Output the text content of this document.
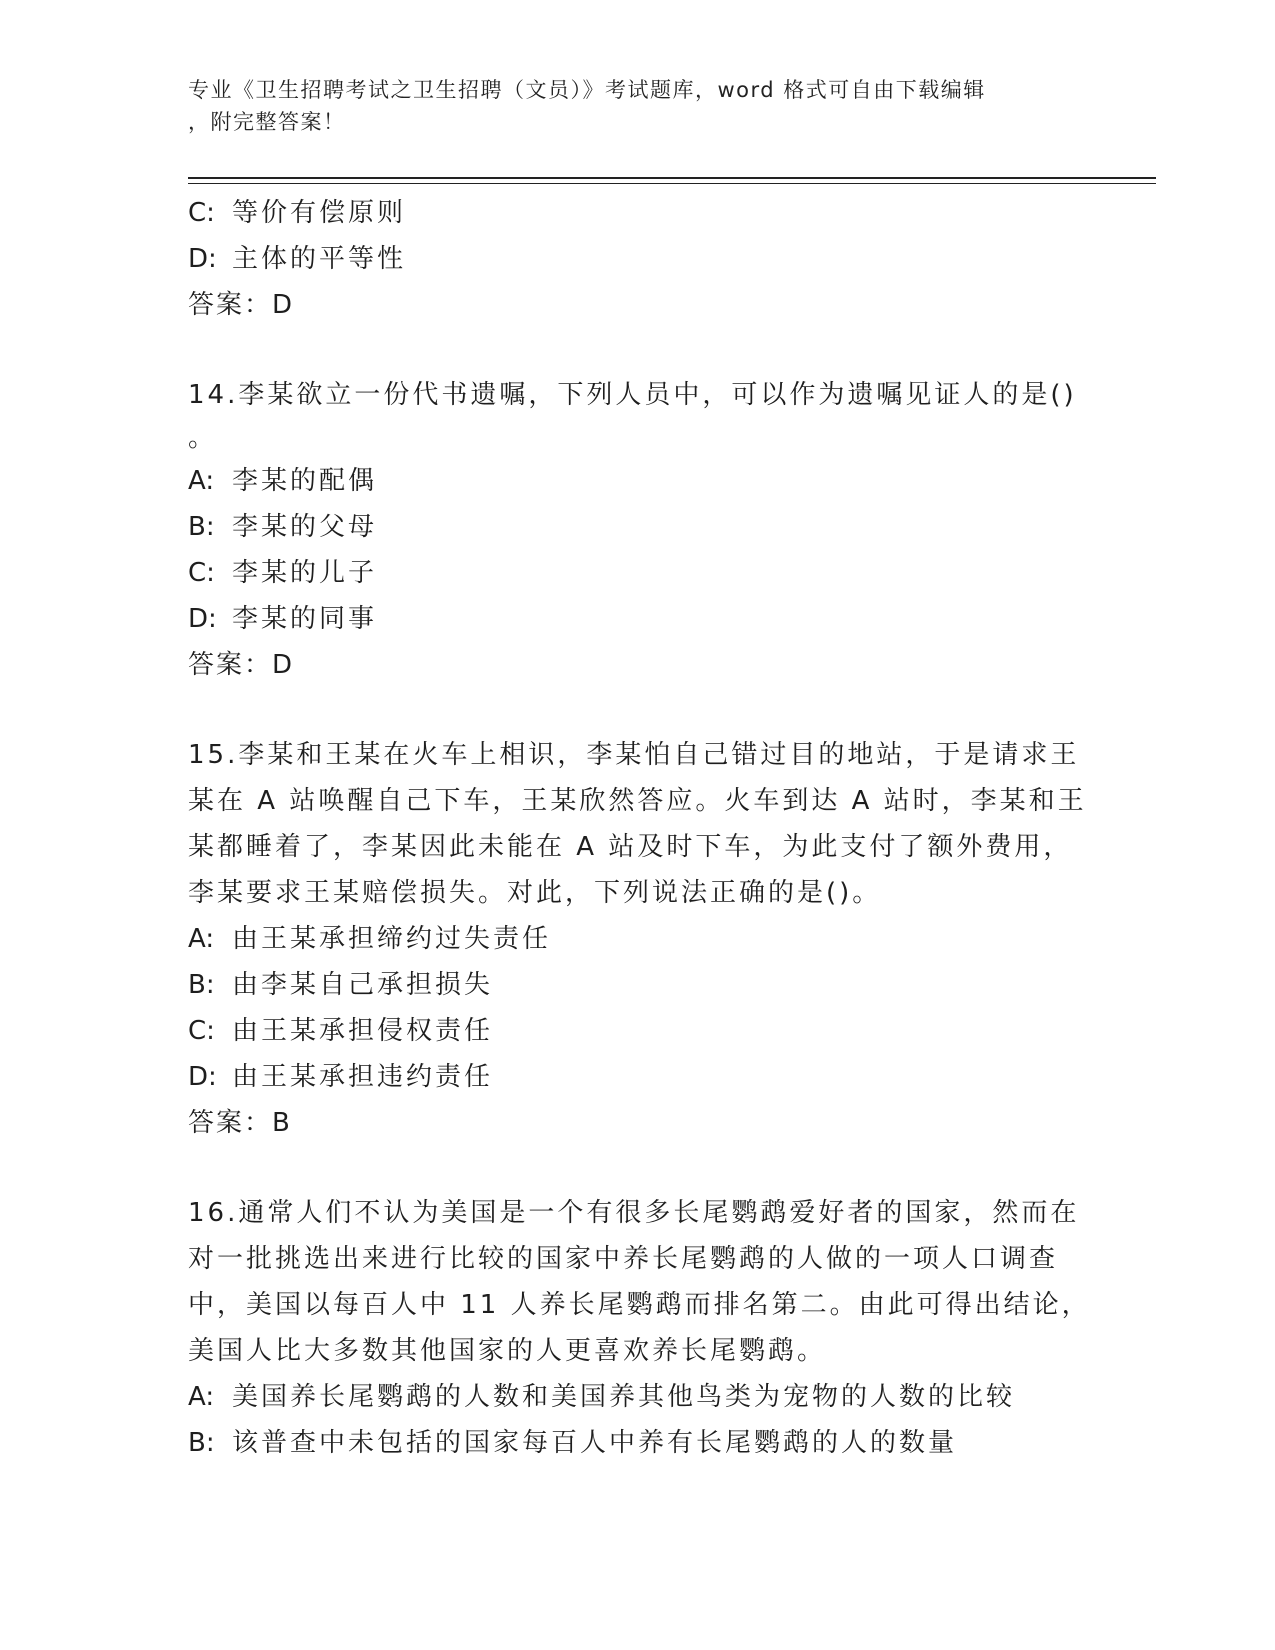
专业《卫生招聘考试之卫生招聘（文员）》考试题库，word 格式可自由下载编辑
，附完整答案！
C: 等价有偿原则
D: 主体的平等性
答案：D
14.李某欲立一份代书遗嘱，下列人员中，可以作为遗嘱见证人的是()
。
A: 李某的配偶
B: 李某的父母
C: 李某的儿子
D: 李某的同事
答案：D
15.李某和王某在火车上相识，李某怕自己错过目的地站，于是请求王
某在 A 站唤醒自己下车，王某欣然答应。火车到达 A 站时，李某和王
某都睡着了，李某因此未能在 A 站及时下车，为此支付了额外费用，
李某要求王某赔偿损失。对此，下列说法正确的是()。
A: 由王某承担缔约过失责任
B: 由李某自己承担损失
C: 由王某承担侵权责任
D: 由王某承担违约责任
答案：B
16.通常人们不认为美国是一个有很多长尾鹦鹉爱好者的国家，然而在
对一批挑选出来进行比较的国家中养长尾鹦鹉的人做的一项人口调查
中，美国以每百人中 11 人养长尾鹦鹉而排名第二。由此可得出结论，
美国人比大多数其他国家的人更喜欢养长尾鹦鹉。
A: 美国养长尾鹦鹉的人数和美国养其他鸟类为宠物的人数的比较
B: 该普查中未包括的国家每百人中养有长尾鹦鹉的人的数量
